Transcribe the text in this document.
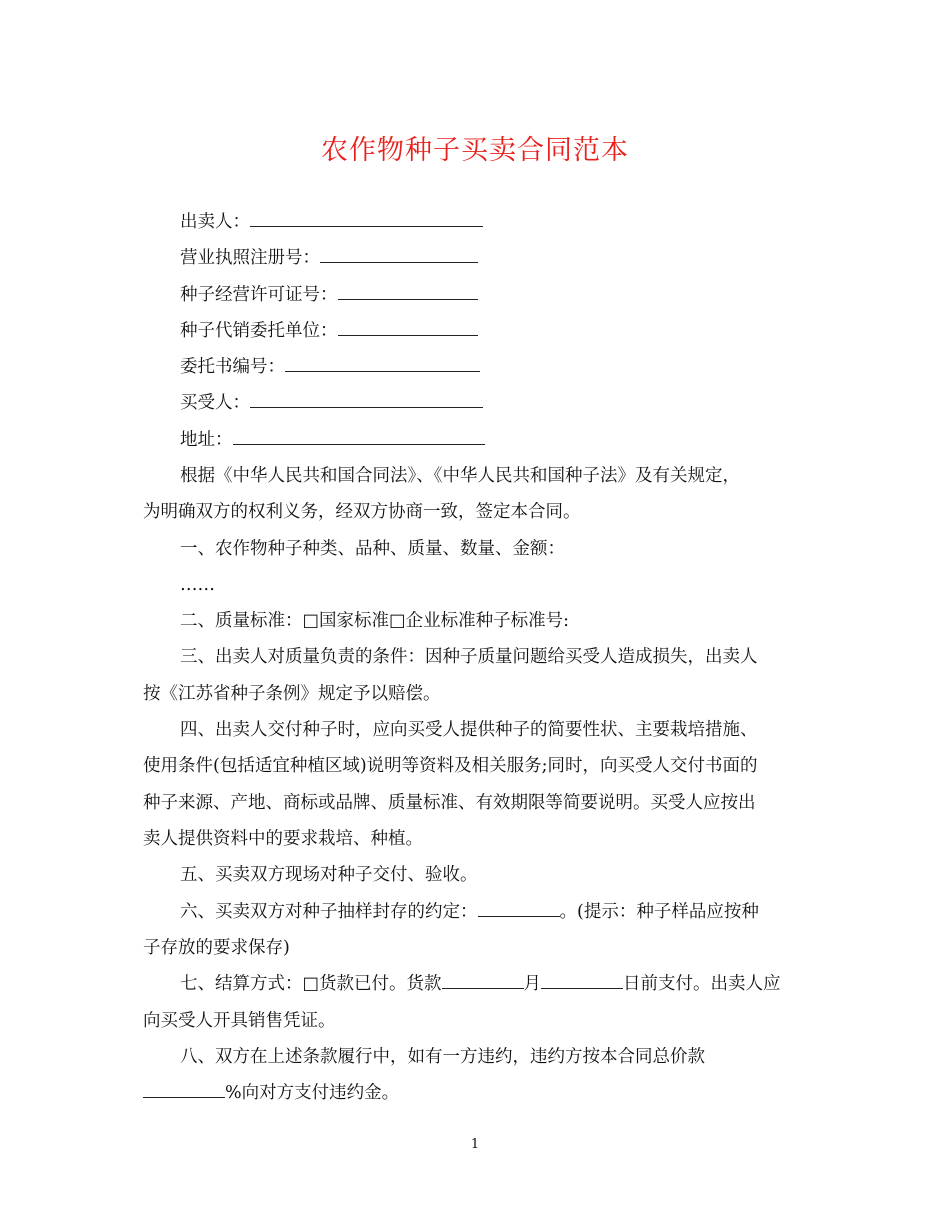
农作物种子买卖合同范本
出卖人：
营业执照注册号：
种子经营许可证号：
种子代销委托单位：
委托书编号：
买受人：
地址：
根据《中华人民共和国合同法》、《中华人民共和国种子法》及有关规定，
为明确双方的权利义务，经双方协商一致，签定本合同。
一、农作物种子种类、品种、质量、数量、金额：
……
二、质量标准：□国家标准□企业标准种子标准号:
三、出卖人对质量负责的条件：因种子质量问题给买受人造成损失，出卖人
按《江苏省种子条例》规定予以赔偿。
四、出卖人交付种子时，应向买受人提供种子的简要性状、主要栽培措施、
使用条件(包括适宜种植区域)说明等资料及相关服务;同时，向买受人交付书面的
种子来源、产地、商标或品牌、质量标准、有效期限等简要说明。买受人应按出
卖人提供资料中的要求栽培、种植。
五、买卖双方现场对种子交付、验收。
六、买卖双方对种子抽样封存的约定：	。(提示：种子样品应按种
子存放的要求保存)
七、结算方式：□货款已付。货款	月	日前支付。出卖人应
向买受人开具销售凭证。
八、双方在上述条款履行中，如有一方违约，违约方按本合同总价款
%向对方支付违约金。
1
